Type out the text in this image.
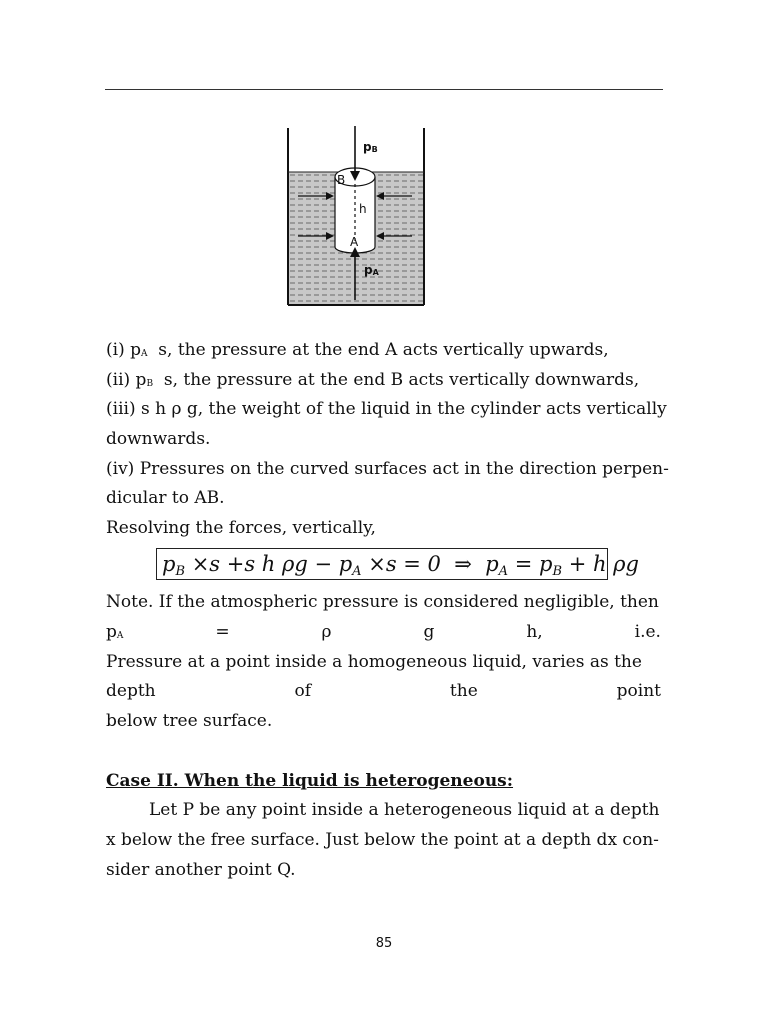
pB
B
h
A
pA
(i) pA  s, the pressure at the end A acts vertically upwards,
(ii) pB  s, the pressure at the end B acts vertically downwards,
(iii) s h ρ g, the weight of the liquid in the cylinder acts vertically
downwards.
(iv) Pressures on the curved surfaces act in the direction perpen-
dicular to AB.
Resolving the forces, vertically,
$p_B \times s +s$ h $\rho g - p_A \times s = 0$  ⇒  $p_A = p_B + h$ ρg
Note. If the atmospheric pressure is considered negligible, then
pA	=	ρ	g	h,	i.e.
Pressure at a point inside a homogeneous liquid, varies as the
depth	of	the	point
below tree surface.
Case II. When the liquid is heterogeneous:
Let P be any point inside a heterogeneous liquid at a depth
x below the free surface. Just below the point at a depth dx con-
sider another point Q.
85
